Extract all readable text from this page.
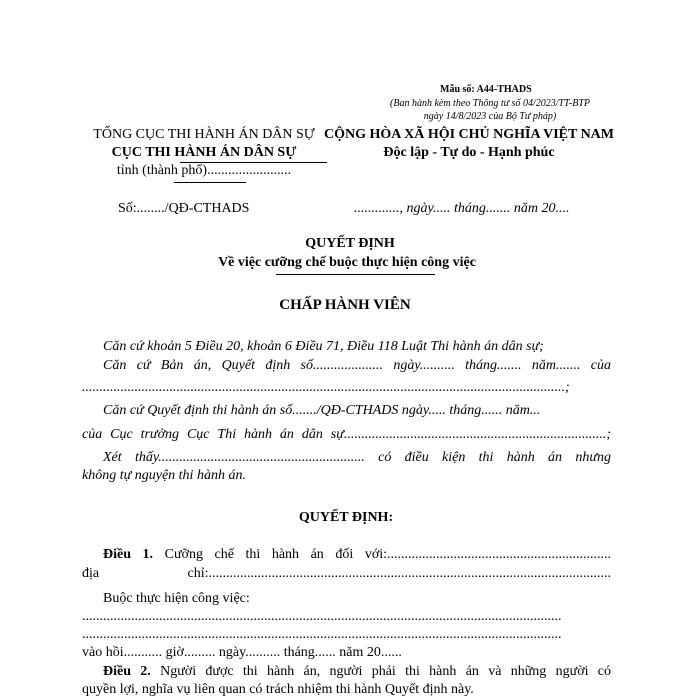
Mẫu số: A44-THADS
(Ban hành kèm theo Thông tư số 04/2023/TT-BTP
ngày 14/8/2023 của Bộ Tư pháp)
TỔNG CỤC THI HÀNH ÁN DÂN SỰ
CỤC THI HÀNH ÁN DÂN SỰ
tỉnh (thành phố)........................
CỘNG HÒA XÃ HỘI CHỦ NGHĨA VIỆT NAM
Độc lập - Tự do - Hạnh phúc
Số:......../QĐ-CTHADS	............., ngày..... tháng....... năm 20....
QUYẾT ĐỊNH
Về việc cưỡng chế buộc thực hiện công việc
CHẤP HÀNH VIÊN
Căn cứ khoản 5 Điều 20, khoản 6 Điều 71, Điều 118 Luật Thi hành án dân sự;
Căn cứ Bản án, Quyết định số.................... ngày.......... tháng....... năm....... của
..........................................................................................................................................;
Căn cứ Quyết định thi hành án số......./QĐ-CTHADS ngày..... tháng...... năm...
của Cục trưởng Cục Thi hành án dân sự...........................................................................;
Xét thấy........................................................... có điều kiện thi hành án nhưng
không tự nguyện thi hành án.
QUYẾT ĐỊNH:
Điều 1. Cưỡng chế thi hành án đối với:................................................................
địa chỉ:...................................................................................................................
Buộc thực hiện công việc:
.........................................................................................................................................
.........................................................................................................................................
vào hồi........... giờ......... ngày.......... tháng...... năm 20......
Điều 2. Người được thi hành án, người phải thi hành án và những người có
quyền lợi, nghĩa vụ liên quan có trách nhiệm thi hành Quyết định này.
